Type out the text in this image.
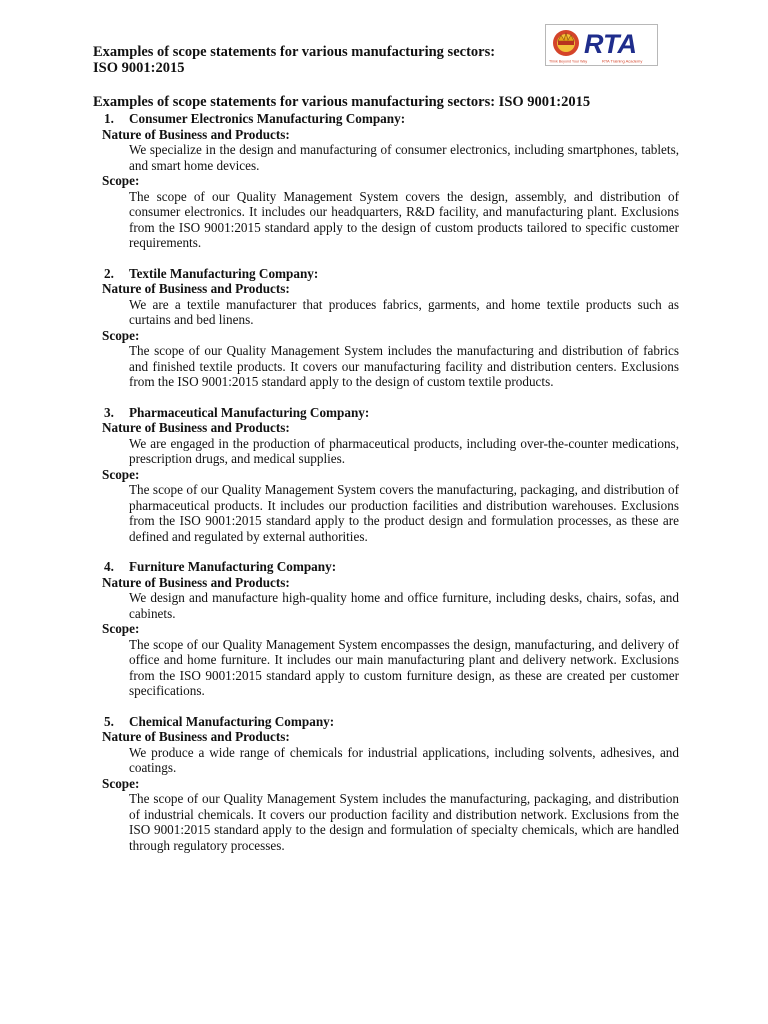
Examples of scope statements for various manufacturing sectors:
ISO 9001:2015
RTA
Think Beyond Your Way	RTA Training Academy
Examples of scope statements for various manufacturing sectors: ISO 9001:2015
1. Consumer Electronics Manufacturing Company:
Nature of Business and Products:
We specialize in the design and manufacturing of consumer electronics, including smartphones, tablets, and smart home devices.
Scope:
The scope of our Quality Management System covers the design, assembly, and distribution of consumer electronics. It includes our headquarters, R&D facility, and manufacturing plant. Exclusions from the ISO 9001:2015 standard apply to the design of custom products tailored to specific customer requirements.
2. Textile Manufacturing Company:
Nature of Business and Products:
We are a textile manufacturer that produces fabrics, garments, and home textile products such as curtains and bed linens.
Scope:
The scope of our Quality Management System includes the manufacturing and distribution of fabrics and finished textile products. It covers our manufacturing facility and distribution centers. Exclusions from the ISO 9001:2015 standard apply to the design of custom textile products.
3. Pharmaceutical Manufacturing Company:
Nature of Business and Products:
We are engaged in the production of pharmaceutical products, including over-the-counter medications, prescription drugs, and medical supplies.
Scope:
The scope of our Quality Management System covers the manufacturing, packaging, and distribution of pharmaceutical products. It includes our production facilities and distribution warehouses. Exclusions from the ISO 9001:2015 standard apply to the product design and formulation processes, as these are defined and regulated by external authorities.
4. Furniture Manufacturing Company:
Nature of Business and Products:
We design and manufacture high-quality home and office furniture, including desks, chairs, sofas, and cabinets.
Scope:
The scope of our Quality Management System encompasses the design, manufacturing, and delivery of office and home furniture. It includes our main manufacturing plant and delivery network. Exclusions from the ISO 9001:2015 standard apply to custom furniture design, as these are created per customer specifications.
5. Chemical Manufacturing Company:
Nature of Business and Products:
We produce a wide range of chemicals for industrial applications, including solvents, adhesives, and coatings.
Scope:
The scope of our Quality Management System includes the manufacturing, packaging, and distribution of industrial chemicals. It covers our production facility and distribution network. Exclusions from the ISO 9001:2015 standard apply to the design and formulation of specialty chemicals, which are handled through regulatory processes.
